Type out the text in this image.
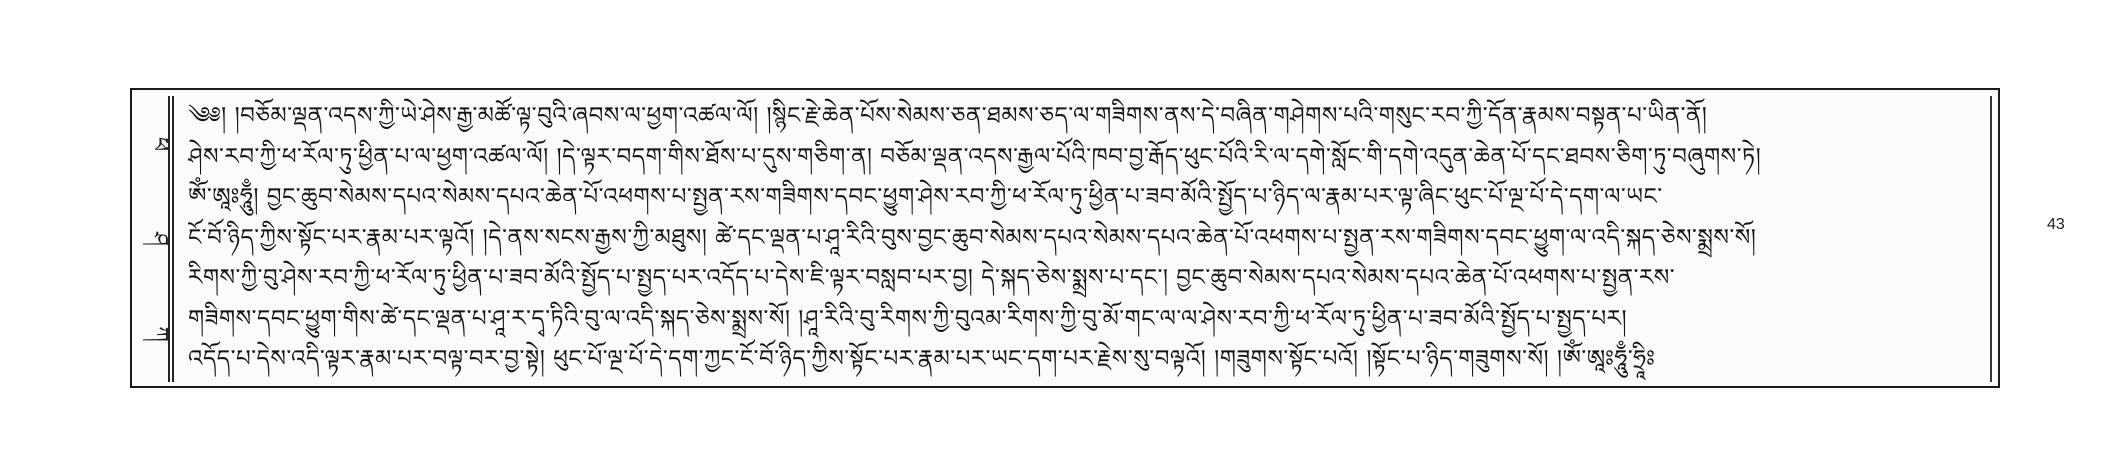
ཕ
ཤ
ཀ
༄༅། །བཅོམ་ལྡན་འདས་ཀྱི་ཡེ་ཤེས་རྒྱ་མཚོ་ལྟ་བུའི་ཞབས་ལ་ཕྱག་འཚལ་ལོ། །སྙིང་རྗེ་ཆེན་པོས་སེམས་ཅན་ཐམས་ཅད་ལ་གཟིགས་ནས་དེ་བཞིན་གཤེགས་པའི་གསུང་རབ་ཀྱི་དོན་རྣམས་བསྟན་པ་ཡིན་ནོ།
ཤེས་རབ་ཀྱི་ཕ་རོལ་ཏུ་ཕྱིན་པ་ལ་ཕྱག་འཚལ་ལོ། །དེ་ལྟར་བདག་གིས་ཐོས་པ་དུས་གཅིག་ན། བཅོམ་ལྡན་འདས་རྒྱལ་པོའི་ཁབ་བྱ་རྒོད་ཕུང་པོའི་རི་ལ་དགེ་སློང་གི་དགེ་འདུན་ཆེན་པོ་དང་ཐབས་ཅིག་ཏུ་བཞུགས་ཏེ།
ཨོཾ་ཨཱཿཧཱུྃ། བྱང་ཆུབ་སེམས་དཔའ་སེམས་དཔའ་ཆེན་པོ་འཕགས་པ་སྤྱན་རས་གཟིགས་དབང་ཕྱུག་ཤེས་རབ་ཀྱི་ཕ་རོལ་ཏུ་ཕྱིན་པ་ཟབ་མོའི་སྤྱོད་པ་ཉིད་ལ་རྣམ་པར་ལྟ་ཞིང་ཕུང་པོ་ལྔ་པོ་དེ་དག་ལ་ཡང་
ངོ་བོ་ཉིད་ཀྱིས་སྟོང་པར་རྣམ་པར་ལྟའོ། །དེ་ནས་སངས་རྒྱས་ཀྱི་མཐུས། ཚེ་དང་ལྡན་པ་ཤཱ་རིའི་བུས་བྱང་ཆུབ་སེམས་དཔའ་སེམས་དཔའ་ཆེན་པོ་འཕགས་པ་སྤྱན་རས་གཟིགས་དབང་ཕྱུག་ལ་འདི་སྐད་ཅེས་སྨྲས་སོ།
རིགས་ཀྱི་བུ་ཤེས་རབ་ཀྱི་ཕ་རོལ་ཏུ་ཕྱིན་པ་ཟབ་མོའི་སྤྱོད་པ་སྤྱད་པར་འདོད་པ་དེས་ཇི་ལྟར་བསླབ་པར་བྱ། དེ་སྐད་ཅེས་སྨྲས་པ་དང་། བྱང་ཆུབ་སེམས་དཔའ་སེམས་དཔའ་ཆེན་པོ་འཕགས་པ་སྤྱན་རས་
གཟིགས་དབང་ཕྱུག་གིས་ཚེ་དང་ལྡན་པ་ཤཱ་ར་དྭ་ཏིའི་བུ་ལ་འདི་སྐད་ཅེས་སྨྲས་སོ། །ཤཱ་རིའི་བུ་རིགས་ཀྱི་བུའམ་རིགས་ཀྱི་བུ་མོ་གང་ལ་ལ་ཤེས་རབ་ཀྱི་ཕ་རོལ་ཏུ་ཕྱིན་པ་ཟབ་མོའི་སྤྱོད་པ་སྤྱད་པར།
འདོད་པ་དེས་འདི་ལྟར་རྣམ་པར་བལྟ་བར་བྱ་སྟེ། ཕུང་པོ་ལྔ་པོ་དེ་དག་ཀྱང་ངོ་བོ་ཉིད་ཀྱིས་སྟོང་པར་རྣམ་པར་ཡང་དག་པར་རྗེས་སུ་བལྟའོ། །གཟུགས་སྟོང་པའོ། །སྟོང་པ་ཉིད་གཟུགས་སོ། །ཨོཾ་ཨཱཿཧཱུྃ་ཧྲཱིཿ
43
